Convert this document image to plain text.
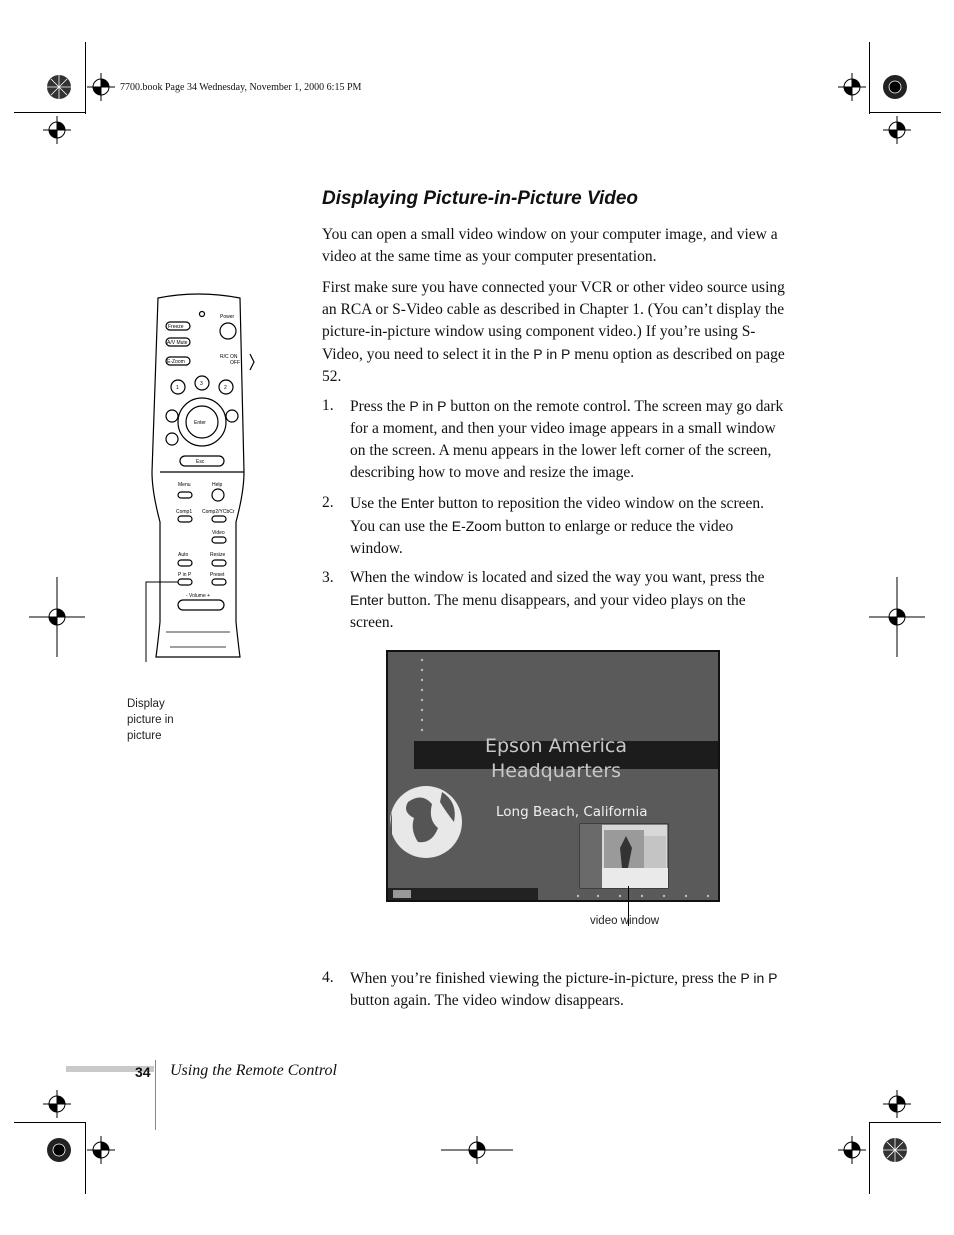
7700.book Page 34 Wednesday, November 1, 2000 6:15 PM
Displaying Picture-in-Picture Video

You can open a small video window on your computer image, and view a video at the same time as your computer presentation.

First make sure you have connected your VCR or other video source using an RCA or S-Video cable as described in Chapter 1. (You can’t display the picture-in-picture window using component video.) If you’re using S-Video, you need to select it in the P in P menu option as described on page 52.

1. Press the P in P button on the remote control. The screen may go dark for a moment, and then your video image appears in a small window on the screen. A menu appears in the lower left corner of the screen, describing how to move and resize the image.
2. Use the Enter button to reposition the video window on the screen. You can use the E-Zoom button to enlarge or reduce the video window.
3. When the window is located and sized the way you want, press the Enter button. The menu disappears, and your video plays on the screen.
4. When you’re finished viewing the picture-in-picture, press the P in P button again. The video window disappears.
Power
Freeze
A/V Mute
E-Zoom
R/C ON
OFF
1
3
2
Enter
Esc
Menu	Help
Comp1 Comp2/YCbCr
Video
Auto	Resize
P in P	Preset
- Volume +
Display
picture in
picture	Epson America
Headquarters
Long Beach, California
video window
34 Using the Remote Control
